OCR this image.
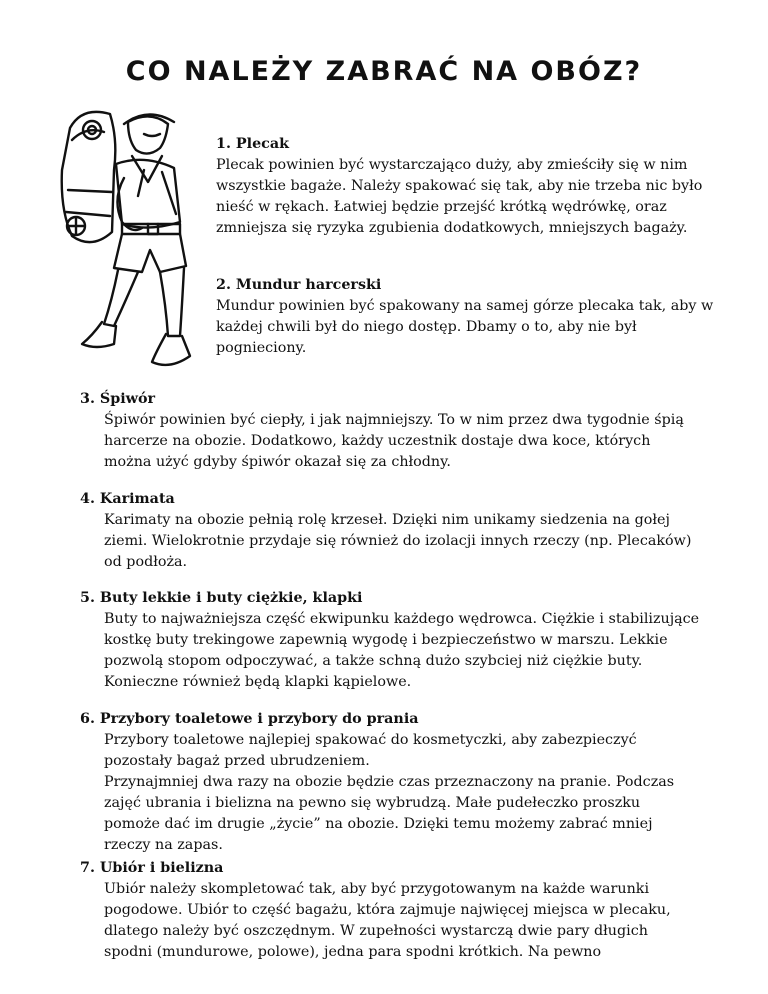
CO NALEŻY ZABRAĆ NA OBÓZ?
1. Plecak
Plecak powinien być wystarczająco duży, aby zmieściły się w nim wszystkie bagaże. Należy spakować się tak, aby nie trzeba nic było nieść w rękach. Łatwiej będzie przejść krótką wędrówkę, oraz zmniejsza się ryzyka zgubienia dodatkowych, mniejszych bagaży.
2. Mundur harcerski
Mundur powinien być spakowany na samej górze plecaka tak, aby w każdej chwili był do niego dostęp. Dbamy o to, aby nie był pognieciony.
3. Śpiwór
Śpiwór powinien być ciepły, i jak najmniejszy. To w nim przez dwa tygodnie śpią harcerze na obozie. Dodatkowo, każdy uczestnik dostaje dwa koce, których można użyć gdyby śpiwór okazał się za chłodny.
4. Karimata
Karimaty na obozie pełnią rolę krzeseł. Dzięki nim unikamy siedzenia na gołej ziemi. Wielokrotnie przydaje się również do izolacji innych rzeczy (np. Plecaków) od podłoża.
5. Buty lekkie i buty ciężkie, klapki
Buty to najważniejsza część ekwipunku każdego wędrowca. Ciężkie i stabilizujące kostkę buty trekingowe zapewnią wygodę i bezpieczeństwo w marszu. Lekkie pozwolą stopom odpoczywać, a także schną dużo szybciej niż ciężkie buty. Konieczne również będą klapki kąpielowe.
6. Przybory toaletowe i przybory do prania
Przybory toaletowe najlepiej spakować do kosmetyczki, aby zabezpieczyć pozostały bagaż przed ubrudzeniem.
Przynajmniej dwa razy na obozie będzie czas przeznaczony na pranie. Podczas zajęć ubrania i bielizna na pewno się wybrudzą. Małe pudełeczko proszku pomoże dać im drugie „życie” na obozie. Dzięki temu możemy zabrać mniej rzeczy na zapas.
7. Ubiór i bielizna
Ubiór należy skompletować tak, aby być przygotowanym na każde warunki pogodowe. Ubiór to część bagażu, która zajmuje najwięcej miejsca w plecaku, dlatego należy być oszczędnym. W zupełności wystarczą dwie pary długich spodni (mundurowe, polowe), jedna para spodni krótkich. Na pewno
